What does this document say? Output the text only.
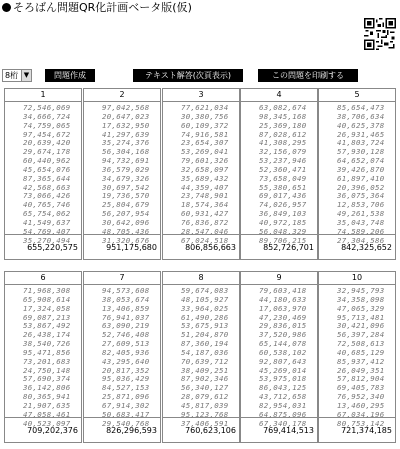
そろばん問題QR化計画ベータ版(仮)
8桁 ▼	問題作成	テキスト解答(次頁表示)	この問題を印刷する
1
72,546,069
34,666,724
74,759,065
97,454,672
20,639,420
29,674,178
60,440,962
45,654,076
87,365,644
42,568,663
73,066,426
40,765,746
65,754,062
41,549,637
54,769,407
35,270,494
655,220,575
2
97,042,568
20,647,023
17,632,950
41,297,639
35,274,376
56,304,168
94,732,691
36,579,029
34,679,326
30,697,542
19,736,570
25,804,679
56,207,954
30,642,096
48,705,436
31,320,676
951,175,680
3
77,621,034
30,380,756
60,109,372
74,916,581
23,654,307
53,269,041
79,601,326
32,658,097
35,689,432
44,359,407
23,748,901
18,574,364
60,931,427
76,836,872
28,547,046
67,024,518
806,856,663
4
63,082,674
98,345,168
25,369,180
87,028,612
41,308,295
32,156,079
53,237,946
52,360,471
73,658,049
55,380,651
69,017,436
74,026,957
36,849,103
40,972,185
56,048,329
89,706,215
852,726,701
5
85,654,473
38,706,634
40,625,378
26,931,465
41,803,724
57,930,128
64,652,074
39,426,870
61,897,410
20,396,052
36,075,364
12,853,706
49,261,538
35,043,748
74,589,206
27,304,586
842,325,652
6
71,968,308
65,908,614
17,324,058
69,087,213
53,867,492
26,438,174
38,540,726
95,471,856
73,201,683
24,750,148
57,690,374
36,142,806
80,365,941
21,907,635
47,058,461
40,523,097
709,202,376
7
94,573,608
38,053,674
13,406,859
76,941,037
63,090,219
52,746,408
27,609,513
82,405,936
43,295,640
20,817,352
95,036,429
84,527,153
25,871,096
67,914,302
50,683,417
29,540,768
826,296,593
8
59,674,083
48,105,927
33,964,025
61,490,286
53,675,913
51,204,870
87,360,194
54,187,036
70,639,712
38,409,251
87,902,346
56,340,127
28,079,612
45,817,039
95,123,768
37,406,591
760,623,106
9
79,603,418
44,180,633
17,063,970
47,230,469
29,836,015
37,520,986
65,144,078
60,538,102
92,807,643
45,269,014
53,975,018
86,043,125
43,712,658
82,954,031
64,875,096
67,340,178
769,414,513
10
32,945,793
34,358,098
47,065,329
95,713,481
30,421,096
56,397,284
72,508,613
40,685,129
85,937,412
26,049,351
57,812,904
69,405,783
76,952,340
13,460,295
67,034,196
80,753,142
721,374,185
